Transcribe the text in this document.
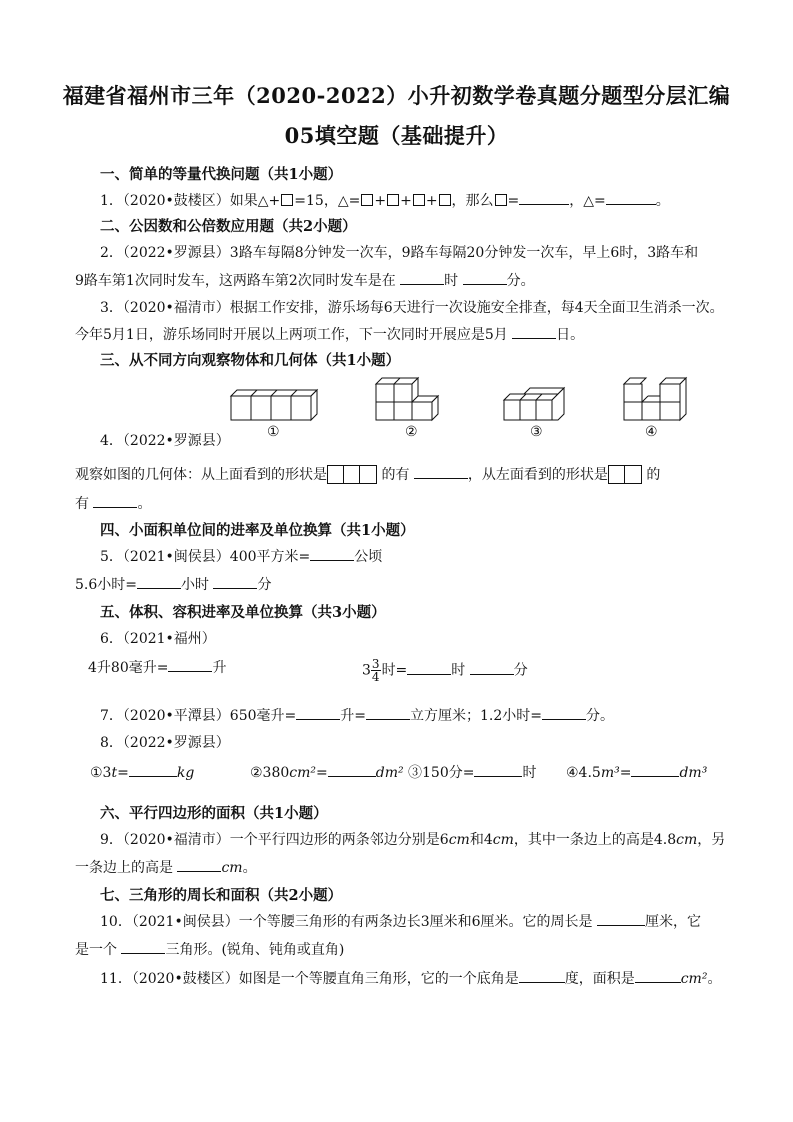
福建省福州市三年（2020-2022）小升初数学卷真题分题型分层汇编
05填空题（基础提升）
一、简单的等量代换问题（共1小题）
1．（2020•鼓楼区）如果△+ =15，△= + + + ，那么 =	，△=	。
二、公因数和公倍数应用题（共2小题）
2．（2022•罗源县）3路车每隔8分钟发一次车，9路车每隔20分钟发一次车，早上6时，3路车和
9路车第1次同时发车，这两路车第2次同时发车是在	时	分。
3．（2020•福清市）根据工作安排，游乐场每6天进行一次设施安全排查，每4天全面卫生消杀一次。
今年5月1日，游乐场同时开展以上两项工作，下一次同时开展应是5月	日。
三、从不同方向观察物体和几何体（共1小题）
①	②	③	④
4．（2022•罗源县）
观察如图的几何体：从上面看到的形状是	的有	，从左面看到的形状是	的
有	。
四、小面积单位间的进率及单位换算（共1小题）
5．（2021•闽侯县）400平方米=	公顷
5.6小时=	小时	分
五、体积、容积进率及单位换算（共3小题）
6．（2021•福州）
4升80毫升=	升	$3 \frac{3}{4}$ 时=	时	分
7．（2020•平潭县）650毫升=	升=	立方厘米；1.2小时=	分。
8．（2022•罗源县）
①3t=	kg	②380cm²=	dm² ③150分=	时 ④4.5m³=	dm³
六、平行四边形的面积（共1小题）
9．（2020•福清市）一个平行四边形的两条邻边分别是6cm和4cm，其中一条边上的高是4.8cm，另
一条边上的高是	cm。
七、三角形的周长和面积（共2小题）
10．（2021•闽侯县）一个等腰三角形的有两条边长3厘米和6厘米。它的周长是	厘米，它
是一个	三角形。(锐角、钝角或直角)
11．（2020•鼓楼区）如图是一个等腰直角三角形，它的一个底角是	度，面积是	cm²。
